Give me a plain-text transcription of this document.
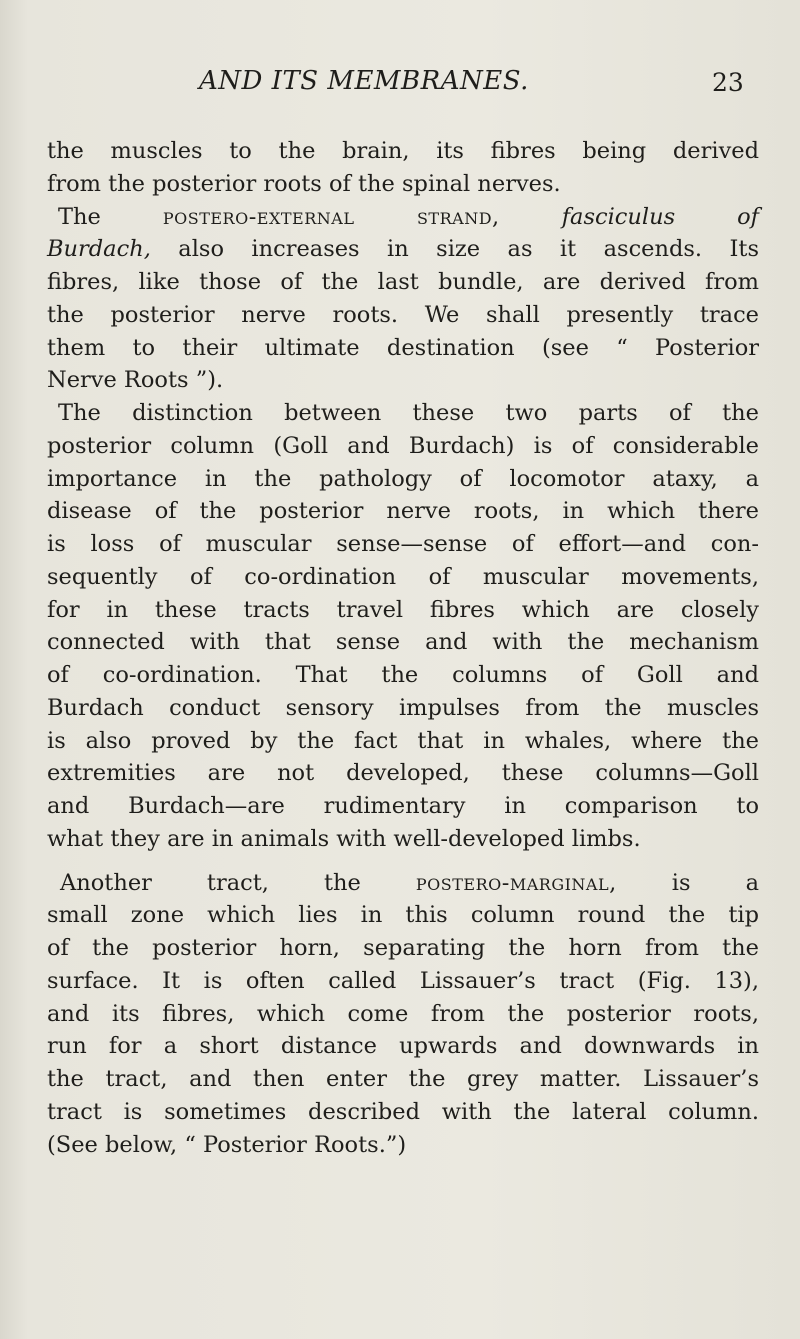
AND ITS MEMBRANES.	23
the muscles to the brain, its fibres being derived
from the posterior roots of the spinal nerves.
The postero-external strand, fasciculus of
Burdach, also increases in size as it ascends. Its
fibres, like those of the last bundle, are derived from
the posterior nerve roots. We shall presently trace
them to their ultimate destination (see “ Posterior
Nerve Roots ”).
The distinction between these two parts of the
posterior column (Goll and Burdach) is of considerable
importance in the pathology of locomotor ataxy, a
disease of the posterior nerve roots, in which there
is loss of muscular sense—sense of effort—and con-
sequently of co-ordination of muscular movements,
for in these tracts travel fibres which are closely
connected with that sense and with the mechanism
of co-ordination. That the columns of Goll and
Burdach conduct sensory impulses from the muscles
is also proved by the fact that in whales, where the
extremities are not developed, these columns—Goll
and Burdach—are rudimentary in comparison to
what they are in animals with well-developed limbs.
Another tract, the postero-marginal, is a
small zone which lies in this column round the tip
of the posterior horn, separating the horn from the
surface. It is often called Lissauer’s tract (Fig. 13),
and its fibres, which come from the posterior roots,
run for a short distance upwards and downwards in
the tract, and then enter the grey matter. Lissauer’s
tract is sometimes described with the lateral column.
(See below, “ Posterior Roots.”)
